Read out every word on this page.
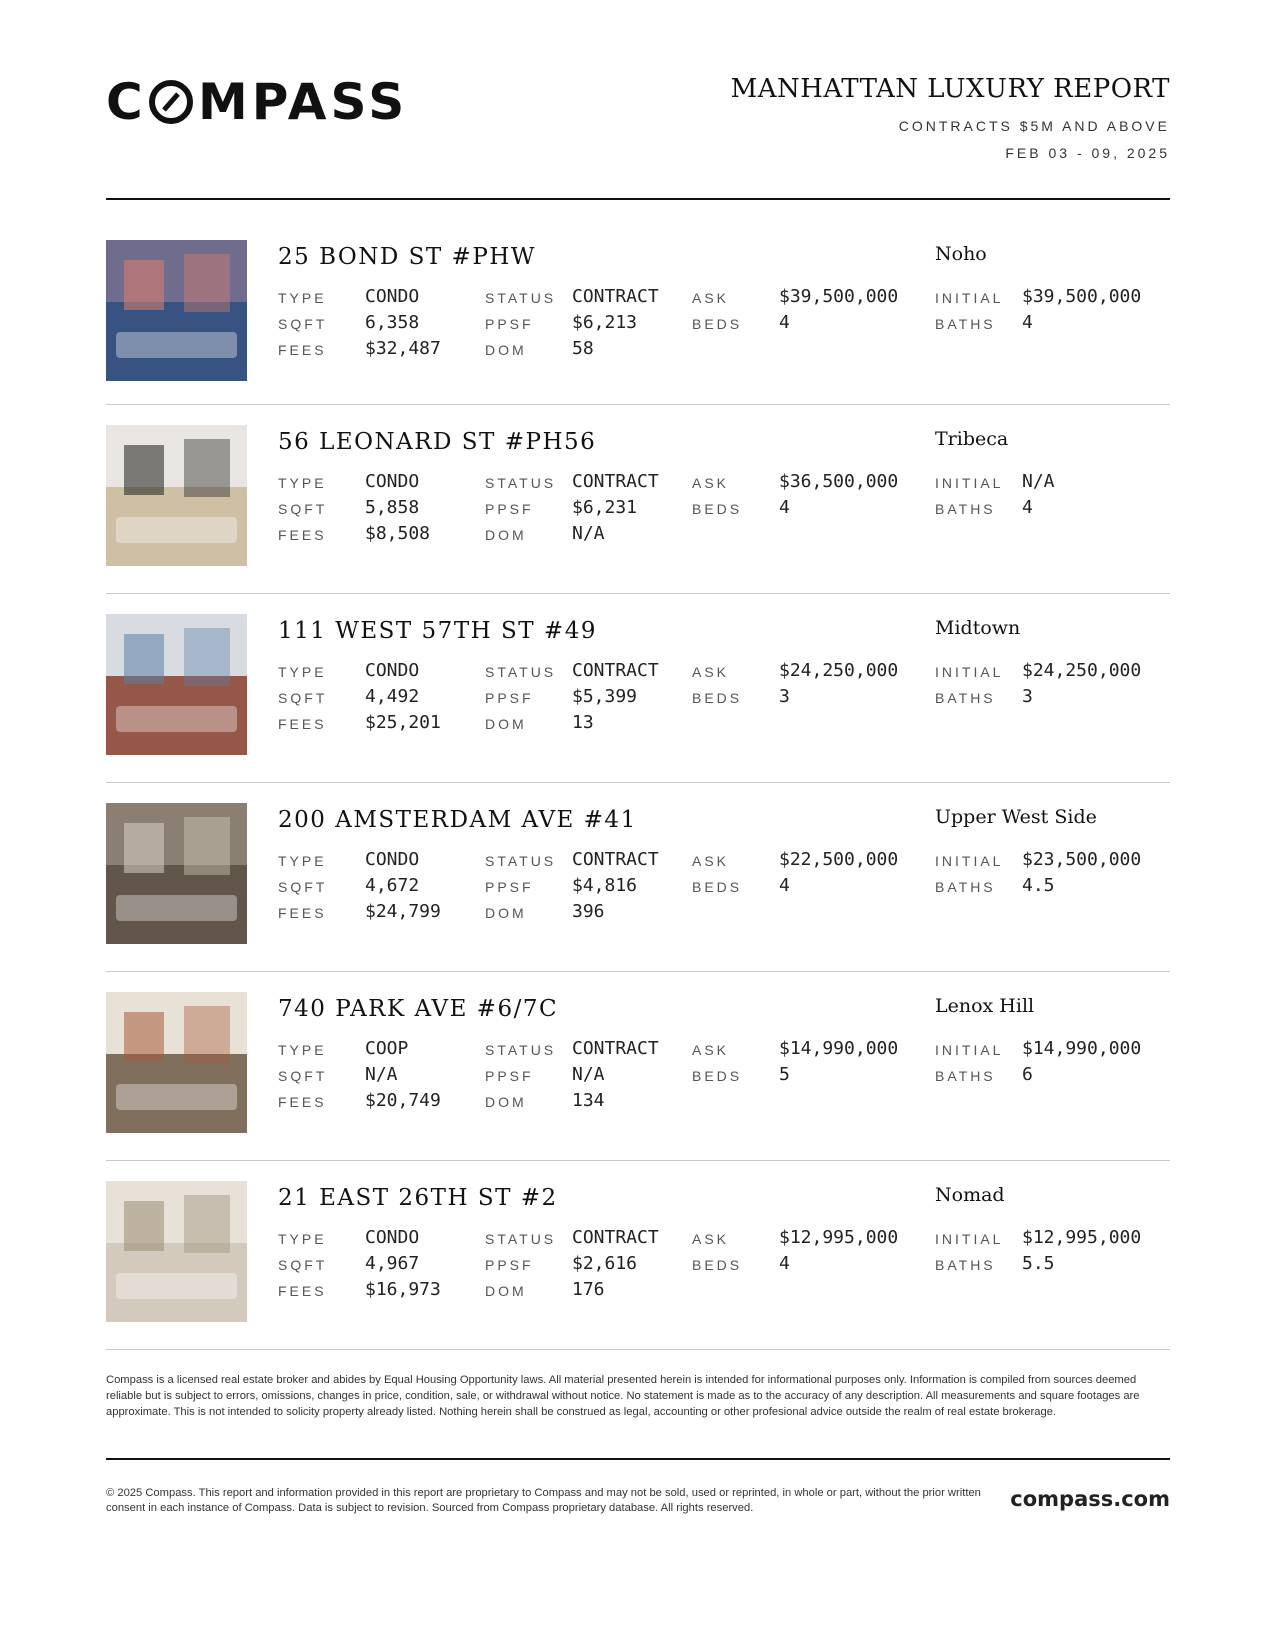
C MPASS	MANHATTAN LUXURY REPORT
CONTRACTS $5M AND ABOVE
FEB 03 - 09, 2025
25 BOND ST #PHW	Noho
TYPE CONDO
SQFT 6,358
FEES $32,487
STATUS CONTRACT
PPSF $6,213
DOM	58
ASK	$39,500,000
BEDS 4
INITIAL $39,500,000
BATHS 4
56 LEONARD ST #PH56	Tribeca
TYPE CONDO
SQFT 5,858
FEES $8,508
STATUS CONTRACT
PPSF $6,231
DOM	N/A
ASK	$36,500,000
BEDS 4
INITIAL N/A
BATHS 4
111 WEST 57TH ST #49	Midtown
TYPE CONDO
SQFT 4,492
FEES $25,201
STATUS CONTRACT
PPSF $5,399
DOM	13
ASK	$24,250,000
BEDS 3
INITIAL $24,250,000
BATHS 3
200 AMSTERDAM AVE #41	Upper West Side
TYPE CONDO
SQFT 4,672
FEES $24,799
STATUS CONTRACT
PPSF $4,816
DOM	396
ASK	$22,500,000
BEDS 4
INITIAL $23,500,000
BATHS 4.5
740 PARK AVE #6/7C	Lenox Hill
TYPE COOP
SQFT N/A
FEES $20,749
STATUS CONTRACT
PPSF N/A
DOM	134
ASK	$14,990,000
BEDS 5
INITIAL $14,990,000
BATHS 6
21 EAST 26TH ST #2	Nomad
TYPE CONDO
SQFT 4,967
FEES $16,973
STATUS CONTRACT
PPSF $2,616
DOM	176
ASK	$12,995,000
BEDS 4
INITIAL $12,995,000
BATHS 5.5
Compass is a licensed real estate broker and abides by Equal Housing Opportunity laws. All material presented herein is intended for informational purposes only. Information is compiled from sources deemed reliable but is subject to errors, omissions, changes in price, condition, sale, or withdrawal without notice. No statement is made as to the accuracy of any description. All measurements and square footages are approximate. This is not intended to solicity property already listed. Nothing herein shall be construed as legal, accounting or other profesional advice outside the realm of real estate brokerage.
© 2025 Compass. This report and information provided in this report are proprietary to Compass and may not be sold, used or reprinted, in whole or part, without the prior written consent in each instance of Compass. Data is subject to revision. Sourced from Compass proprietary database. All rights reserved.	compass.com
